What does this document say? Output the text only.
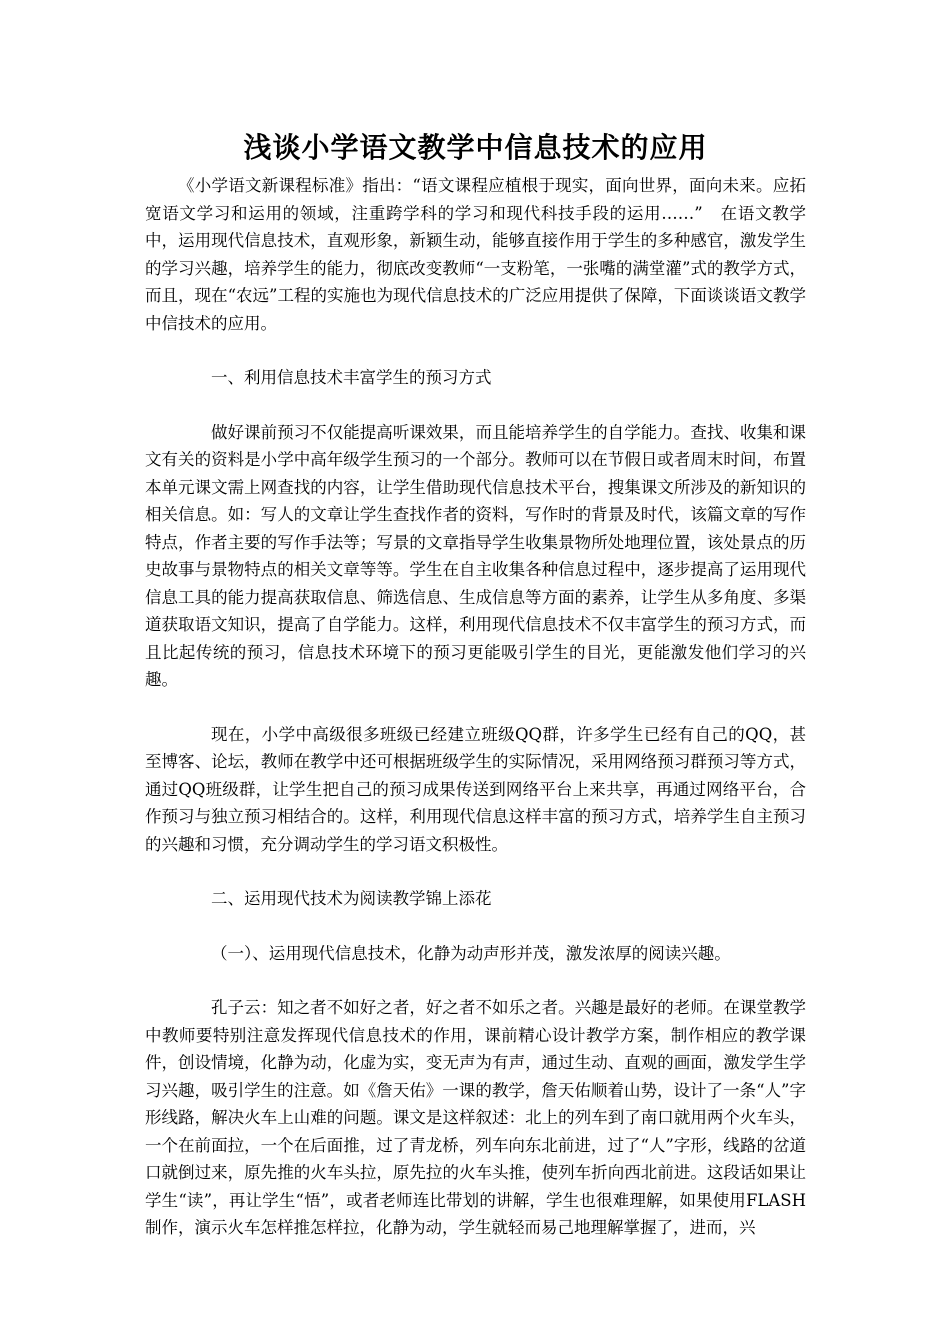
浅谈小学语文教学中信息技术的应用

《小学语文新课程标准》指出：“语文课程应植根于现实，面向世界，面向未来。应拓宽语文学习和运用的领域，注重跨学科的学习和现代科技手段的运用……”　在语文教学中，运用现代信息技术，直观形象，新颖生动，能够直接作用于学生的多种感官，激发学生的学习兴趣，培养学生的能力，彻底改变教师“一支粉笔，一张嘴的满堂灌”式的教学方式，而且，现在“农远”工程的实施也为现代信息技术的广泛应用提供了保障，下面谈谈语文教学中信技术的应用。

一、利用信息技术丰富学生的预习方式

做好课前预习不仅能提高听课效果，而且能培养学生的自学能力。查找、收集和课文有关的资料是小学中高年级学生预习的一个部分。教师可以在节假日或者周末时间，布置本单元课文需上网查找的内容，让学生借助现代信息技术平台，搜集课文所涉及的新知识的相关信息。如：写人的文章让学生查找作者的资料，写作时的背景及时代，该篇文章的写作特点，作者主要的写作手法等；写景的文章指导学生收集景物所处地理位置，该处景点的历史故事与景物特点的相关文章等等。学生在自主收集各种信息过程中，逐步提高了运用现代信息工具的能力提高获取信息、筛选信息、生成信息等方面的素养，让学生从多角度、多渠道获取语文知识，提高了自学能力。这样，利用现代信息技术不仅丰富学生的预习方式，而且比起传统的预习，信息技术环境下的预习更能吸引学生的目光，更能激发他们学习的兴趣。

现在，小学中高级很多班级已经建立班级QQ群，许多学生已经有自己的QQ，甚至博客、论坛，教师在教学中还可根据班级学生的实际情况，采用网络预习群预习等方式，通过QQ班级群，让学生把自己的预习成果传送到网络平台上来共享，再通过网络平台，合作预习与独立预习相结合的。这样，利用现代信息这样丰富的预习方式，培养学生自主预习的兴趣和习惯，充分调动学生的学习语文积极性。

二、运用现代技术为阅读教学锦上添花

（一）、运用现代信息技术，化静为动声形并茂，激发浓厚的阅读兴趣。

孔子云：知之者不如好之者，好之者不如乐之者。兴趣是最好的老师。在课堂教学中教师要特别注意发挥现代信息技术的作用，课前精心设计教学方案，制作相应的教学课件，创设情境，化静为动，化虚为实，变无声为有声，通过生动、直观的画面，激发学生学习兴趣，吸引学生的注意。如《詹天佑》一课的教学，詹天佑顺着山势，设计了一条“人”字形线路，解决火车上山难的问题。课文是这样叙述：北上的列车到了南口就用两个火车头，一个在前面拉，一个在后面推，过了青龙桥，列车向东北前进，过了“人”字形，线路的岔道口就倒过来，原先推的火车头拉，原先拉的火车头推，使列车折向西北前进。这段话如果让学生“读”，再让学生“悟”，或者老师连比带划的讲解，学生也很难理解，如果使用FLASH制作，演示火车怎样推怎样拉，化静为动，学生就轻而易己地理解掌握了，进而，兴
